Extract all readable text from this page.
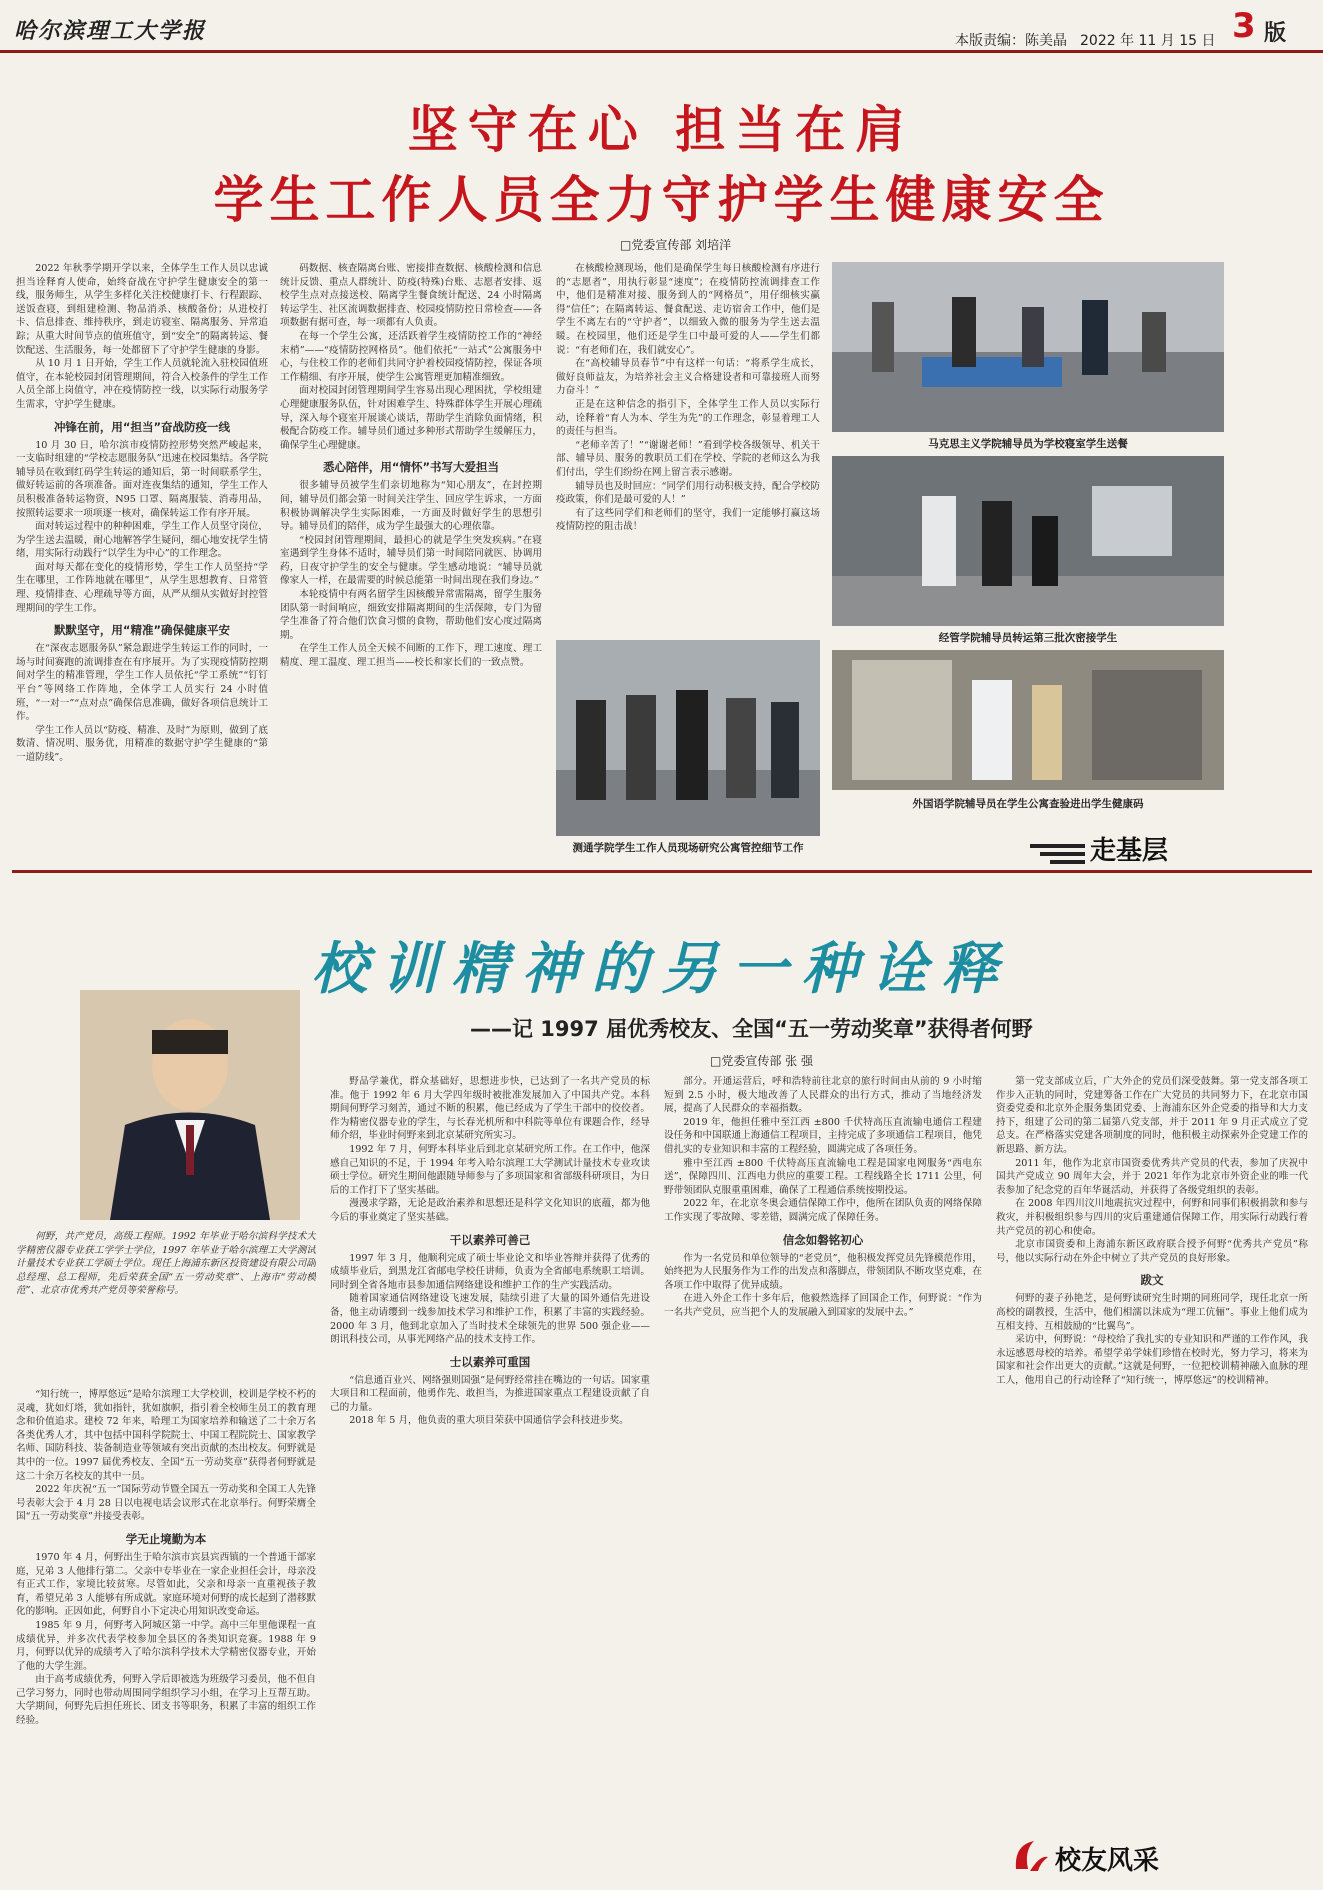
哈尔滨理工大学报	本版责编：陈美晶 2022 年 11 月 15 日 3 版
坚守在心 担当在肩
学生工作人员全力守护学生健康安全
□党委宣传部 刘培洋

2022 年秋季学期开学以来，全体学生工作人员以忠诚担当诠释育人使命，始终奋战在守护学生健康安全的第一线，服务师生，从学生多样化关注校健康打卡、行程跟踪、送饭查寝，到组建检测、物品消杀、核酸备份；从进校打卡、信息排查、维持秩序，到走访寝室、隔离服务、异常追踪；从重大时间节点的值班值守，到“安全”的隔离转运、餐饮配送、生活服务，每一处都留下了守护学生健康的身影。

从 10 月 1 日开始，学生工作人员就轮流入驻校园值班值守，在本轮校园封闭管理期间，符合入校条件的学生工作人员全部上岗值守，冲在疫情防控一线，以实际行动服务学生需求，守护学生健康。

冲锋在前，用“担当”奋战防疫一线

10 月 30 日，哈尔滨市疫情防控形势突然严峻起来，一支临时组建的“学校志愿服务队”迅速在校园集结。各学院辅导员在收到红码学生转运的通知后，第一时间联系学生，做好转运前的各项准备。面对连夜集结的通知，学生工作人员积极准备转运物资，N95 口罩、隔离服装、消毒用品，按照转运要求一项项逐一核对，确保转运工作有序开展。

面对转运过程中的种种困难，学生工作人员坚守岗位，为学生送去温暖，耐心地解答学生疑问，细心地安抚学生情绪，用实际行动践行“以学生为中心”的工作理念。

面对每天都在变化的疫情形势，学生工作人员坚持“学生在哪里，工作阵地就在哪里”，从学生思想教育、日常管理、疫情排查、心理疏导等方面，从严从细从实做好封控管理期间的学生工作。

默默坚守，用“精准”确保健康平安

在“深夜志愿服务队”紧急跟进学生转运工作的同时，一场与时间赛跑的流调排查在有序展开。为了实现疫情防控期间对学生的精准管理，学生工作人员依托“学工系统”“钉钉平台”等网络工作阵地，全体学工人员实行 24 小时值班，“一对一”“点对点”确保信息准确，做好各项信息统计工作。

学生工作人员以“防疫、精准、及时”为原则，做到了底数清、情况明、服务优，用精准的数据守护学生健康的“第一道防线”。

码数据、核查隔离台账、密接排查数据、核酸检测和信息统计反馈、重点人群统计、防疫(特殊)台账、志愿者安排、返校学生点对点接送校、隔离学生餐食统计配送、24 小时隔离转运学生、社区流调数据排查、校园疫情防控日常检查——各项数据有据可查，每一项都有人负责。

在每一个学生公寓，还活跃着学生疫情防控工作的“神经末梢”——“疫情防控网格员”。他们依托“一站式”公寓服务中心，与住校工作的老师们共同守护着校园疫情防控，保证各项工作精细、有序开展，使学生公寓管理更加精准细致。

面对校园封闭管理期间学生容易出现心理困扰，学校组建心理健康服务队伍，针对困难学生、特殊群体学生开展心理疏导，深入每个寝室开展谈心谈话，帮助学生消除负面情绪，积极配合防疫工作。辅导员们通过多种形式帮助学生缓解压力，确保学生心理健康。

悉心陪伴，用“情怀”书写大爱担当

很多辅导员被学生们亲切地称为“知心朋友”，在封控期间，辅导员们都会第一时间关注学生、回应学生诉求，一方面积极协调解决学生实际困难，一方面及时做好学生的思想引导。辅导员们的陪伴，成为学生最强大的心理依靠。

“校园封闭管理期间，最担心的就是学生突发疾病。”在寝室遇到学生身体不适时，辅导员们第一时间陪同就医、协调用药，日夜守护学生的安全与健康。学生感动地说：“辅导员就像家人一样，在最需要的时候总能第一时间出现在我们身边。”

本轮疫情中有两名留学生因核酸异常需隔离，留学生服务团队第一时间响应，细致安排隔离期间的生活保障，专门为留学生准备了符合他们饮食习惯的食物，帮助他们安心度过隔离期。

在学生工作人员全天候不间断的工作下，理工速度、理工精度、理工温度、理工担当——校长和家长们的一致点赞。

在核酸检测现场，他们是确保学生每日核酸检测有序进行的“志愿者”，用执行彰显“速度”；在疫情防控流调排查工作中，他们是精准对接、服务到人的“网格员”，用仔细核实赢得“信任”；在隔离转运、餐食配送、走访宿舍工作中，他们是学生不离左右的“守护者”，以细致入微的服务为学生送去温暖。在校园里，他们还是学生口中最可爱的人——学生们都说：“有老师们在，我们就安心”。

在“高校辅导员春节”中有这样一句话：“将系学生成长，做好良师益友，为培养社会主义合格建设者和可靠接班人而努力奋斗！”

正是在这种信念的指引下，全体学生工作人员以实际行动，诠释着“育人为本、学生为先”的工作理念，彰显着理工人的责任与担当。

“老师辛苦了！”“谢谢老师！”看到学校各级领导、机关干部、辅导员、服务的教职员工们在学校、学院的老师这么为我们付出，学生们纷纷在网上留言表示感谢。

辅导员也及时回应：“同学们用行动积极支持，配合学校防疫政策，你们是最可爱的人！”

有了这些同学们和老师们的坚守，我们一定能够打赢这场疫情防控的阻击战！

马克思主义学院辅导员为学校寝室学生送餐
经管学院辅导员转运第三批次密接学生
外国语学院辅导员在学生公寓查验进出学生健康码
测通学院学生工作人员现场研究公寓管控细节工作	走基层
校训精神的另一种诠释
——记 1997 届优秀校友、全国“五一劳动奖章”获得者何野
□党委宣传部 张 强

何野，共产党员，高级工程师。1992 年毕业于哈尔滨科学技术大学精密仪器专业获工学学士学位，1997 年毕业于哈尔滨理工大学测试计量技术专业获工学硕士学位。现任上海浦东新区投资建设有限公司副总经理、总工程师，先后荣获全国“五一劳动奖章”、上海市“劳动模范”、北京市优秀共产党员等荣誉称号。

“知行统一，博厚悠远”是哈尔滨理工大学校训，校训是学校不朽的灵魂，犹如灯塔，犹如指针，犹如旗帜，指引着全校师生员工的教育理念和价值追求。建校 72 年来，哈理工为国家培养和输送了二十余万名各类优秀人才，其中包括中国科学院院士、中国工程院院士、国家教学名师、国防科技、装备制造业等领域有突出贡献的杰出校友。何野就是其中的一位。1997 届优秀校友、全国“五一劳动奖章”获得者何野就是这二十余万名校友的其中一员。

2022 年庆祝“五一”国际劳动节暨全国五一劳动奖和全国工人先锋号表彰大会于 4 月 28 日以电视电话会议形式在北京举行。何野荣膺全国“五一劳动奖章”并接受表彰。

学无止境勤为本

1970 年 4 月，何野出生于哈尔滨市宾县宾西镇的一个普通干部家庭，兄弟 3 人他排行第二。父亲中专毕业在一家企业担任会计，母亲没有正式工作，家境比较贫寒。尽管如此，父亲和母亲一直重视孩子教育，希望兄弟 3 人能够有所成就。家庭环境对何野的成长起到了潜移默化的影响。正因如此，何野自小下定决心用知识改变命运。

1985 年 9 月，何野考入阿城区第一中学。高中三年里他课程一直成绩优异，并多次代表学校参加全县区的各类知识竞赛。1988 年 9 月，何野以优异的成绩考入了哈尔滨科学技术大学精密仪器专业，开始了他的大学生涯。

由于高考成绩优秀，何野入学后即被选为班级学习委员，他不但自己学习努力，同时也带动周围同学组织学习小组，在学习上互帮互助。大学期间，何野先后担任班长、团支书等职务，积累了丰富的组织工作经验。

野品学兼优，群众基础好，思想进步快，已达到了一名共产党员的标准。他于 1992 年 6 月大学四年级时被批准发展加入了中国共产党。本科期间何野学习刻苦，通过不断的积累，他已经成为了学生干部中的佼佼者。作为精密仪器专业的学生，与长春光机所和中科院等单位有课题合作，经导师介绍，毕业时何野来到北京某研究所实习。

1992 年 7 月，何野本科毕业后到北京某研究所工作。在工作中，他深感自己知识的不足，于 1994 年考入哈尔滨理工大学测试计量技术专业攻读硕士学位。研究生期间他跟随导师参与了多项国家和省部级科研项目，为日后的工作打下了坚实基础。

漫漫求学路，无论是政治素养和思想还是科学文化知识的底蕴，都为他今后的事业奠定了坚实基础。

干以素养可善己

1997 年 3 月，他顺利完成了硕士毕业论文和毕业答辩并获得了优秀的成绩毕业后，到黑龙江省邮电学校任讲师，负责为全省邮电系统职工培训。同时到全省各地市县参加通信网络建设和维护工作的生产实践活动。

随着国家通信网络建设飞速发展，陆续引进了大量的国外通信先进设备，他主动请缨到一线参加技术学习和维护工作，积累了丰富的实践经验。2000 年 3 月，他到北京加入了当时技术全球领先的世界 500 强企业——朗讯科技公司，从事光网络产品的技术支持工作。

士以素养可重国

“信息通百业兴、网络强则国强”是何野经常挂在嘴边的一句话。国家重大项目和工程面前，他勇作先、敢担当，为推进国家重点工程建设贡献了自己的力量。

2018 年 5 月，他负责的重大项目荣获中国通信学会科技进步奖。

部分。开通运营后，呼和浩特前往北京的旅行时间由从前的 9 小时缩短到 2.5 小时，极大地改善了人民群众的出行方式，推动了当地经济发展，提高了人民群众的幸福指数。

2019 年，他担任雅中至江西 ±800 千伏特高压直流输电通信工程建设任务和中国联通上海通信工程项目，主持完成了多项通信工程项目，他凭借扎实的专业知识和丰富的工程经验，圆满完成了各项任务。

雅中至江西 ±800 千伏特高压直流输电工程是国家电网服务“西电东送”，保障四川、江西电力供应的重要工程。工程线路全长 1711 公里，何野带领团队克服重重困难，确保了工程通信系统按期投运。

2022 年，在北京冬奥会通信保障工作中，他所在团队负责的网络保障工作实现了零故障、零差错，圆满完成了保障任务。

信念如磐铭初心

作为一名党员和单位领导的“老党员”，他积极发挥党员先锋模范作用，始终把为人民服务作为工作的出发点和落脚点，带领团队不断攻坚克难，在各项工作中取得了优异成绩。

在进入外企工作十多年后，他毅然选择了回国企工作，何野说：“作为一名共产党员，应当把个人的发展融入到国家的发展中去。”

第一党支部成立后，广大外企的党员们深受鼓舞。第一党支部各项工作步入正轨的同时，党建筹备工作在广大党员的共同努力下，在北京市国资委党委和北京外企服务集团党委、上海浦东区外企党委的指导和大力支持下，组建了公司的第二届第八党支部，并于 2011 年 9 月正式成立了党总支。在严格落实党建各项制度的同时，他积极主动探索外企党建工作的新思路、新方法。

2011 年，他作为北京市国资委优秀共产党员的代表，参加了庆祝中国共产党成立 90 周年大会，并于 2021 年作为北京市外资企业的唯一代表参加了纪念党的百年华诞活动，并获得了各级党组织的表彰。

在 2008 年四川汶川地震抗灾过程中，何野和同事们积极捐款和参与救灾，并积极组织参与四川的灾后重建通信保障工作，用实际行动践行着共产党员的初心和使命。

北京市国资委和上海浦东新区政府联合授予何野“优秀共产党员”称号，他以实际行动在外企中树立了共产党员的良好形象。

跋文

何野的妻子孙艳芝，是何野读研究生时期的同班同学，现任北京一所高校的副教授，生活中，他们相濡以沫成为“理工伉俪”。事业上他们成为互相支持、互相鼓励的“比翼鸟”。

采访中，何野说：“母校给了我扎实的专业知识和严谨的工作作风，我永远感恩母校的培养。希望学弟学妹们珍惜在校时光，努力学习，将来为国家和社会作出更大的贡献。”这就是何野，一位把校训精神融入血脉的理工人，他用自己的行动诠释了“知行统一，博厚悠远”的校训精神。

校友风采
